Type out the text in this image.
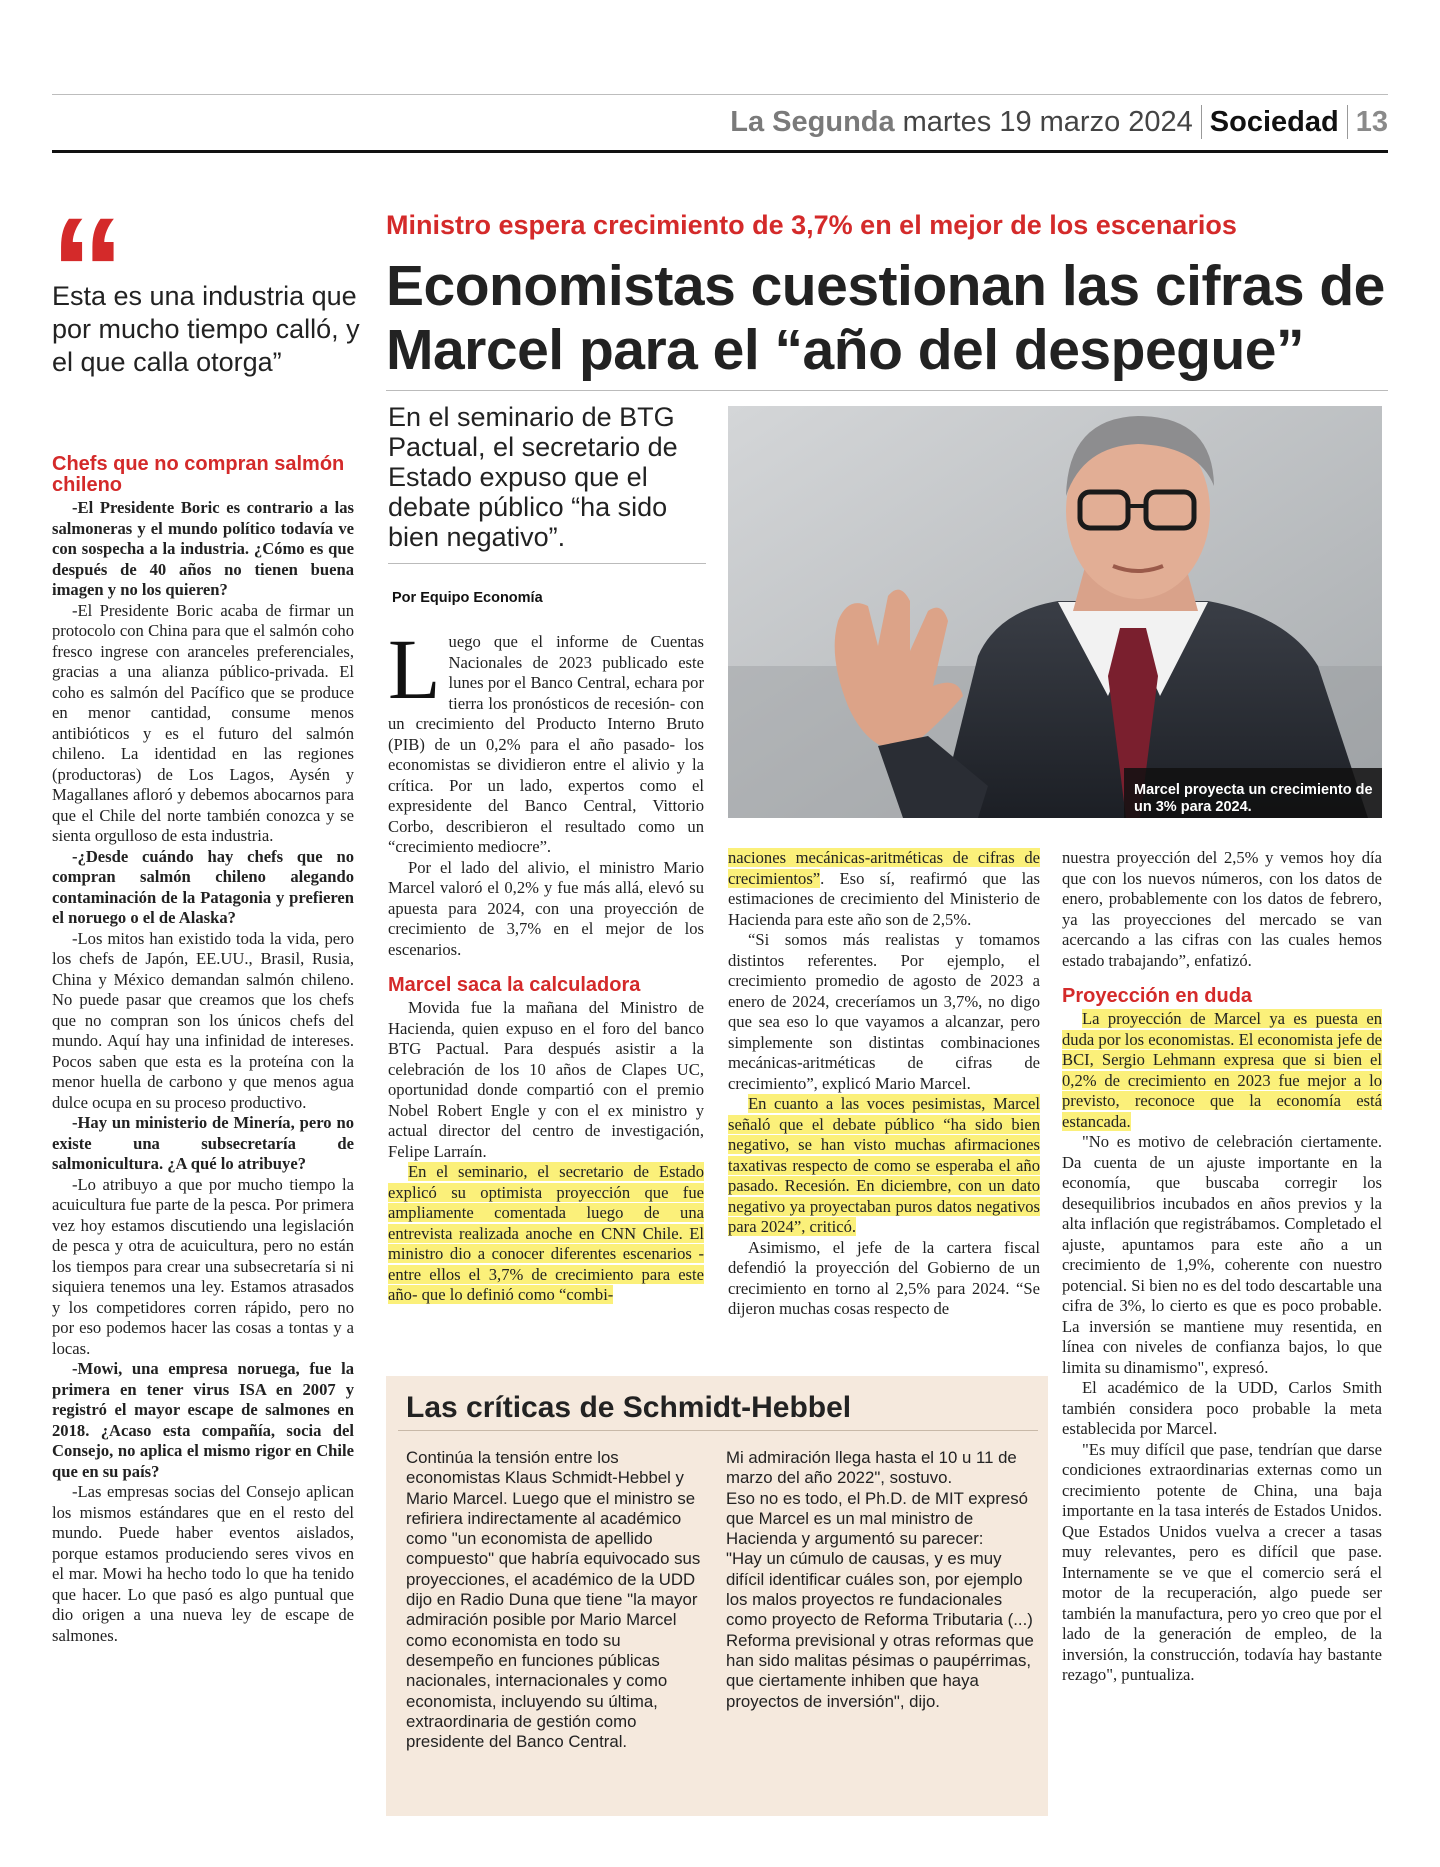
La Segunda martes 19 marzo 2024 Sociedad 13
“
Esta es una industria que por mucho tiempo calló, y el que calla otorga”
Chefs que no compran salmón chileno

-El Presidente Boric es contrario a las salmoneras y el mundo político todavía ve con sospecha a la industria. ¿Cómo es que después de 40 años no tienen buena imagen y no los quieren?

-El Presidente Boric acaba de firmar un protocolo con China para que el salmón coho fresco ingrese con aranceles preferenciales, gracias a una alianza público-privada. El coho es salmón del Pacífico que se produce en menor cantidad, consume menos antibióticos y es el futuro del salmón chileno. La identidad en las regiones (productoras) de Los Lagos, Aysén y Magallanes afloró y debemos abocarnos para que el Chile del norte también conozca y se sienta orgulloso de esta industria.

-¿Desde cuándo hay chefs que no compran salmón chileno alegando contaminación de la Patagonia y prefieren el noruego o el de Alaska?

-Los mitos han existido toda la vida, pero los chefs de Japón, EE.UU., Brasil, Rusia, China y México demandan salmón chileno. No puede pasar que creamos que los chefs que no compran son los únicos chefs del mundo. Aquí hay una infinidad de intereses. Pocos saben que esta es la proteína con la menor huella de carbono y que menos agua dulce ocupa en su proceso productivo.

-Hay un ministerio de Minería, pero no existe una subsecretaría de salmonicultura. ¿A qué lo atribuye?

-Lo atribuyo a que por mucho tiempo la acuicultura fue parte de la pesca. Por primera vez hoy estamos discutiendo una legislación de pesca y otra de acuicultura, pero no están los tiempos para crear una subsecretaría si ni siquiera tenemos una ley. Estamos atrasados y los competidores corren rápido, pero no por eso podemos hacer las cosas a tontas y a locas.

-Mowi, una empresa noruega, fue la primera en tener virus ISA en 2007 y registró el mayor escape de salmones en 2018. ¿Acaso esta compañía, socia del Consejo, no aplica el mismo rigor en Chile que en su país?

-Las empresas socias del Consejo aplican los mismos estándares que en el resto del mundo. Puede haber eventos aislados, porque estamos produciendo seres vivos en el mar. Mowi ha hecho todo lo que ha tenido que hacer. Lo que pasó es algo puntual que dio origen a una nueva ley de escape de salmones.

Ministro espera crecimiento de 3,7% en el mejor de los escenarios
Economistas cuestionan las cifras de Marcel para el “año del despegue”
En el seminario de BTG Pactual, el secretario de Estado expuso que el debate público “ha sido bien negativo”.
Por Equipo Economía
Marcel proyecta un crecimiento de un 3% para 2024.

Luego que el informe de Cuentas Nacionales de 2023 publicado este lunes por el Banco Central, echara por tierra los pronósticos de recesión- con un crecimiento del Producto Interno Bruto (PIB) de un 0,2% para el año pasado- los economistas se dividieron entre el alivio y la crítica. Por un lado, expertos como el expresidente del Banco Central, Vittorio Corbo, describieron el resultado como un “crecimiento mediocre”.

Por el lado del alivio, el ministro Mario Marcel valoró el 0,2% y fue más allá, elevó su apuesta para 2024, con una proyección de crecimiento de 3,7% en el mejor de los escenarios.

Marcel saca la calculadora

Movida fue la mañana del Ministro de Hacienda, quien expuso en el foro del banco BTG Pactual. Para después asistir a la celebración de los 10 años de Clapes UC, oportunidad donde compartió con el premio Nobel Robert Engle y con el ex ministro y actual director del centro de investigación, Felipe Larraín.

En el seminario, el secretario de Estado explicó su optimista proyección que fue ampliamente comentada luego de una entrevista realizada anoche en CNN Chile. El ministro dio a conocer diferentes escenarios -entre ellos el 3,7% de crecimiento para este año- que lo definió como “combi-

naciones mecánicas-aritméticas de cifras de crecimientos”. Eso sí, reafirmó que las estimaciones de crecimiento del Ministerio de Hacienda para este año son de 2,5%.

“Si somos más realistas y tomamos distintos referentes. Por ejemplo, el crecimiento promedio de agosto de 2023 a enero de 2024, creceríamos un 3,7%, no digo que sea eso lo que vayamos a alcanzar, pero simplemente son distintas combinaciones mecánicas-aritméticas de cifras de crecimiento”, explicó Mario Marcel.

En cuanto a las voces pesimistas, Marcel señaló que el debate público “ha sido bien negativo, se han visto muchas afirmaciones taxativas respecto de como se esperaba el año pasado. Recesión. En diciembre, con un dato negativo ya proyectaban puros datos negativos para 2024”, criticó.

Asimismo, el jefe de la cartera fiscal defendió la proyección del Gobierno de un crecimiento en torno al 2,5% para 2024. “Se dijeron muchas cosas respecto de

nuestra proyección del 2,5% y vemos hoy día que con los nuevos números, con los datos de enero, probablemente con los datos de febrero, ya las proyecciones del mercado se van acercando a las cifras con las cuales hemos estado trabajando”, enfatizó.

Proyección en duda

La proyección de Marcel ya es puesta en duda por los economistas. El economista jefe de BCI, Sergio Lehmann expresa que si bien el 0,2% de crecimiento en 2023 fue mejor a lo previsto, reconoce que la economía está estancada.

"No es motivo de celebración ciertamente. Da cuenta de un ajuste importante en la economía, que buscaba corregir los desequilibrios incubados en años previos y la alta inflación que registrábamos. Completado el ajuste, apuntamos para este año a un crecimiento de 1,9%, coherente con nuestro potencial. Si bien no es del todo descartable una cifra de 3%, lo cierto es que es poco probable. La inversión se mantiene muy resentida, en línea con niveles de confianza bajos, lo que limita su dinamismo", expresó.

El académico de la UDD, Carlos Smith también considera poco probable la meta establecida por Marcel.

"Es muy difícil que pase, tendrían que darse condiciones extraordinarias externas como un crecimiento potente de China, una baja importante en la tasa interés de Estados Unidos. Que Estados Unidos vuelva a crecer a tasas muy relevantes, pero es difícil que pase. Internamente se ve que el comercio será el motor de la recuperación, algo puede ser también la manufactura, pero yo creo que por el lado de la generación de empleo, de la inversión, la construcción, todavía hay bastante rezago", puntualiza.

Las críticas de Schmidt-Hebbel

Continúa la tensión entre los economistas Klaus Schmidt-Hebbel y Mario Marcel. Luego que el ministro se refiriera indirectamente al académico como "un economista de apellido compuesto" que habría equivocado sus proyecciones, el académico de la UDD dijo en Radio Duna que tiene "la mayor admiración posible por Mario Marcel como economista en todo su desempeño en funciones públicas nacionales, internacionales y como economista, incluyendo su última, extraordinaria de gestión como presidente del Banco Central.

Mi admiración llega hasta el 10 u 11 de marzo del año 2022", sostuvo.

Eso no es todo, el Ph.D. de MIT expresó que Marcel es un mal ministro de Hacienda y argumentó su parecer:

"Hay un cúmulo de causas, y es muy difícil identificar cuáles son, por ejemplo los malos proyectos re fundacionales como proyecto de Reforma Tributaria (...) Reforma previsional y otras reformas que han sido malitas pésimas o paupérrimas, que ciertamente inhiben que haya proyectos de inversión", dijo.
